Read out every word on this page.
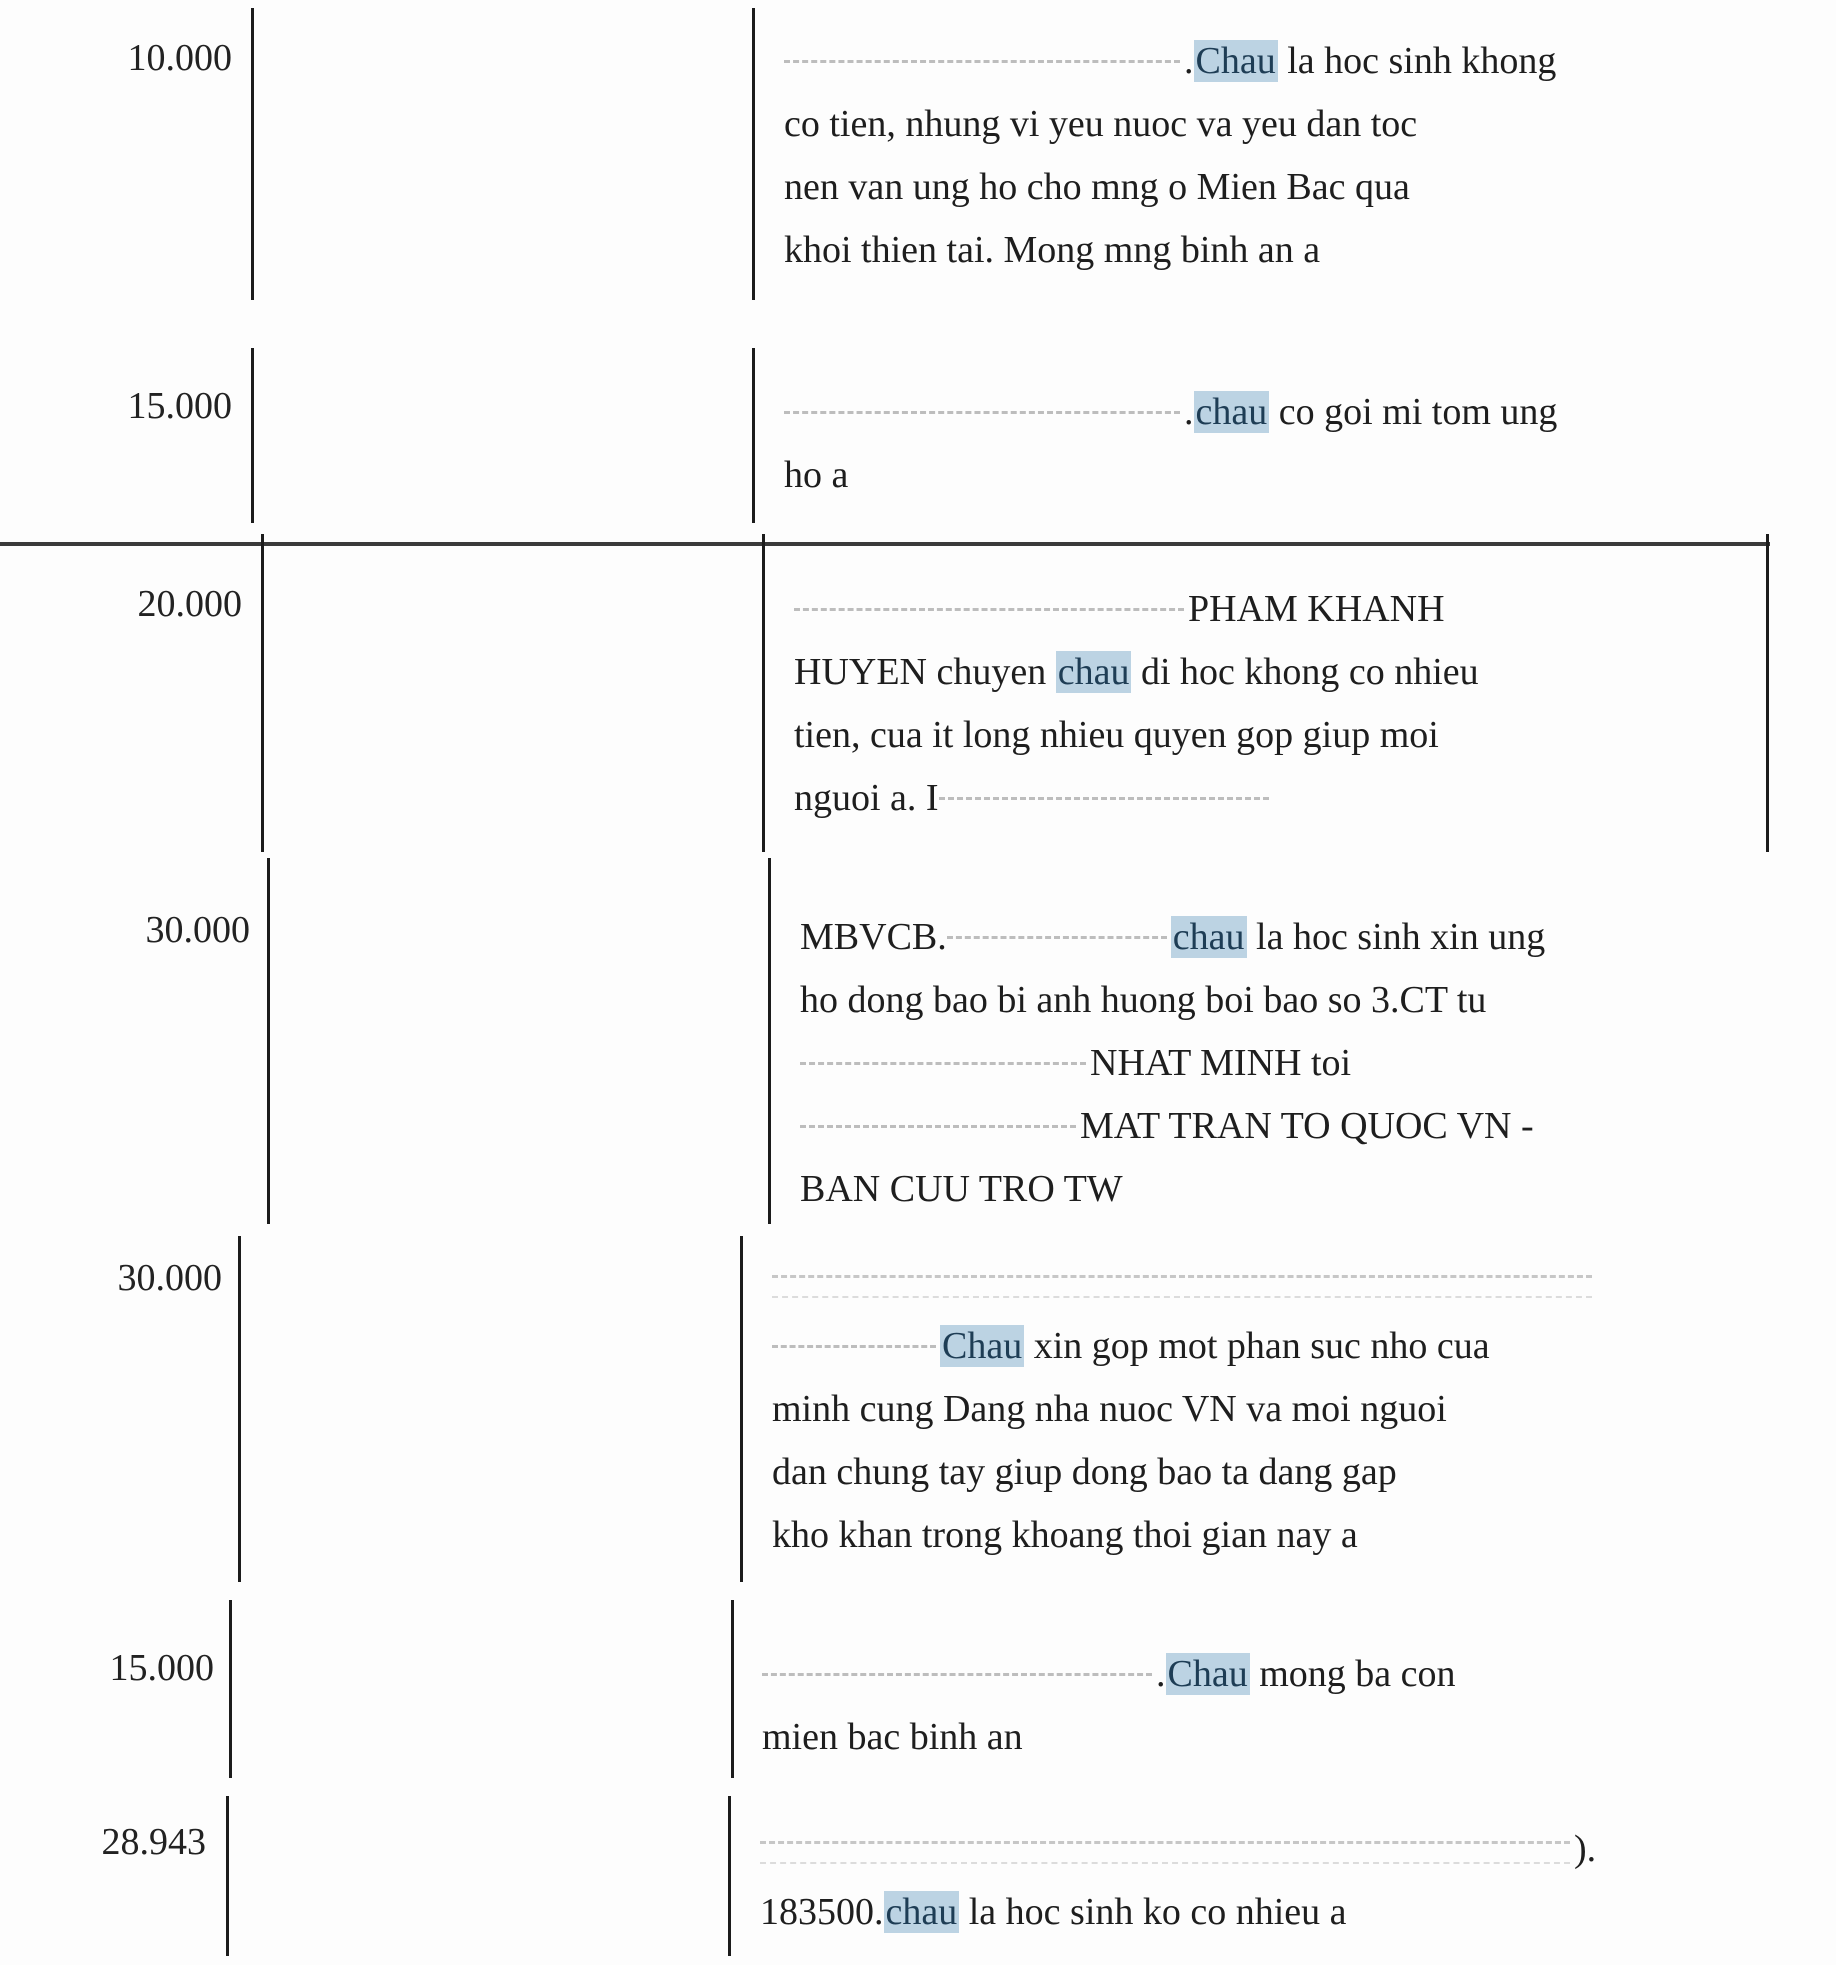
10.000	.Chau la hoc sinh khong
co tien, nhung vi yeu nuoc va yeu dan toc
nen van ung ho cho mng o Mien Bac qua
khoi thien tai. Mong mng binh an a
15.000	.chau co goi mi tom ung
ho a
20.000	PHAM KHANH
HUYEN chuyen chau di hoc khong co nhieu
tien, cua it long nhieu quyen gop giup moi
nguoi a. I
30.000	MBVCB.	chau la hoc sinh xin ung
ho dong bao bi anh huong boi bao so 3.CT tu
NHAT MINH toi
MAT TRAN TO QUOC VN -
BAN CUU TRO TW
30.000
Chau xin gop mot phan suc nho cua
minh cung Dang nha nuoc VN va moi nguoi
dan chung tay giup dong bao ta dang gap
kho khan trong khoang thoi gian nay a
15.000	.Chau mong ba con
mien bac binh an
28.943	).
183500.chau la hoc sinh ko co nhieu a
